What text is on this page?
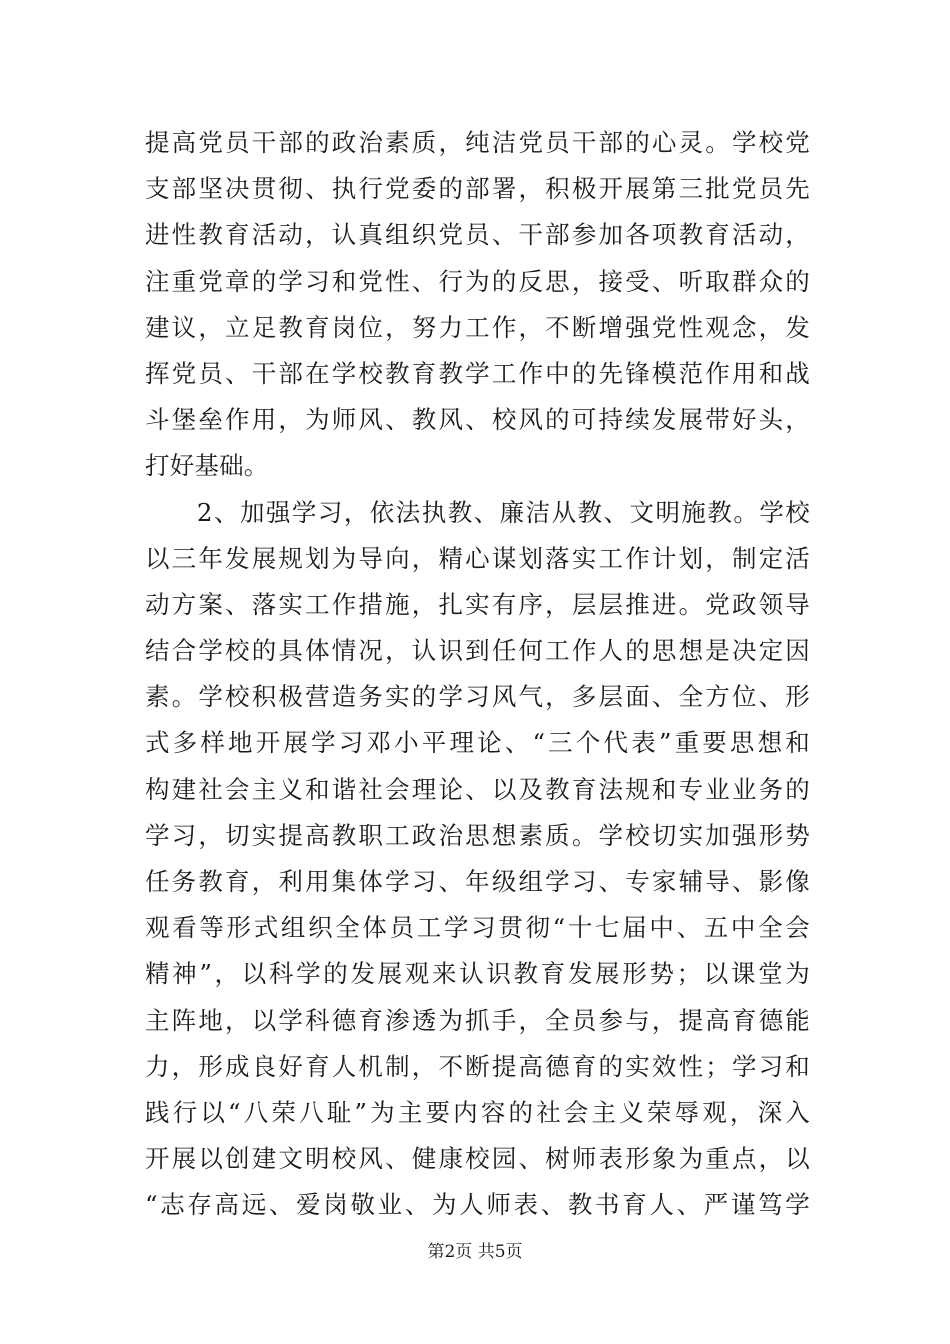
提高党员干部的政治素质，纯洁党员干部的心灵。学校党
支部坚决贯彻、执行党委的部署，积极开展第三批党员先
进性教育活动，认真组织党员、干部参加各项教育活动，
注重党章的学习和党性、行为的反思，接受、听取群众的
建议，立足教育岗位，努力工作，不断增强党性观念，发
挥党员、干部在学校教育教学工作中的先锋模范作用和战
斗堡垒作用，为师风、教风、校风的可持续发展带好头，
打好基础。
　　2、加强学习，依法执教、廉洁从教、文明施教。学校
以三年发展规划为导向，精心谋划落实工作计划，制定活
动方案、落实工作措施，扎实有序，层层推进。党政领导
结合学校的具体情况，认识到任何工作人的思想是决定因
素。学校积极营造务实的学习风气，多层面、全方位、形
式多样地开展学习邓小平理论、“三个代表”重要思想和
构建社会主义和谐社会理论、以及教育法规和专业业务的
学习，切实提高教职工政治思想素质。学校切实加强形势
任务教育，利用集体学习、年级组学习、专家辅导、影像
观看等形式组织全体员工学习贯彻“十七届中、五中全会
精神”，以科学的发展观来认识教育发展形势；以课堂为
主阵地，以学科德育渗透为抓手，全员参与，提高育德能
力，形成良好育人机制，不断提高德育的实效性；学习和
践行以“八荣八耻”为主要内容的社会主义荣辱观，深入
开展以创建文明校风、健康校园、树师表形象为重点，以
“志存高远、爱岗敬业、为人师表、教书育人、严谨笃学
第2页 共5页
